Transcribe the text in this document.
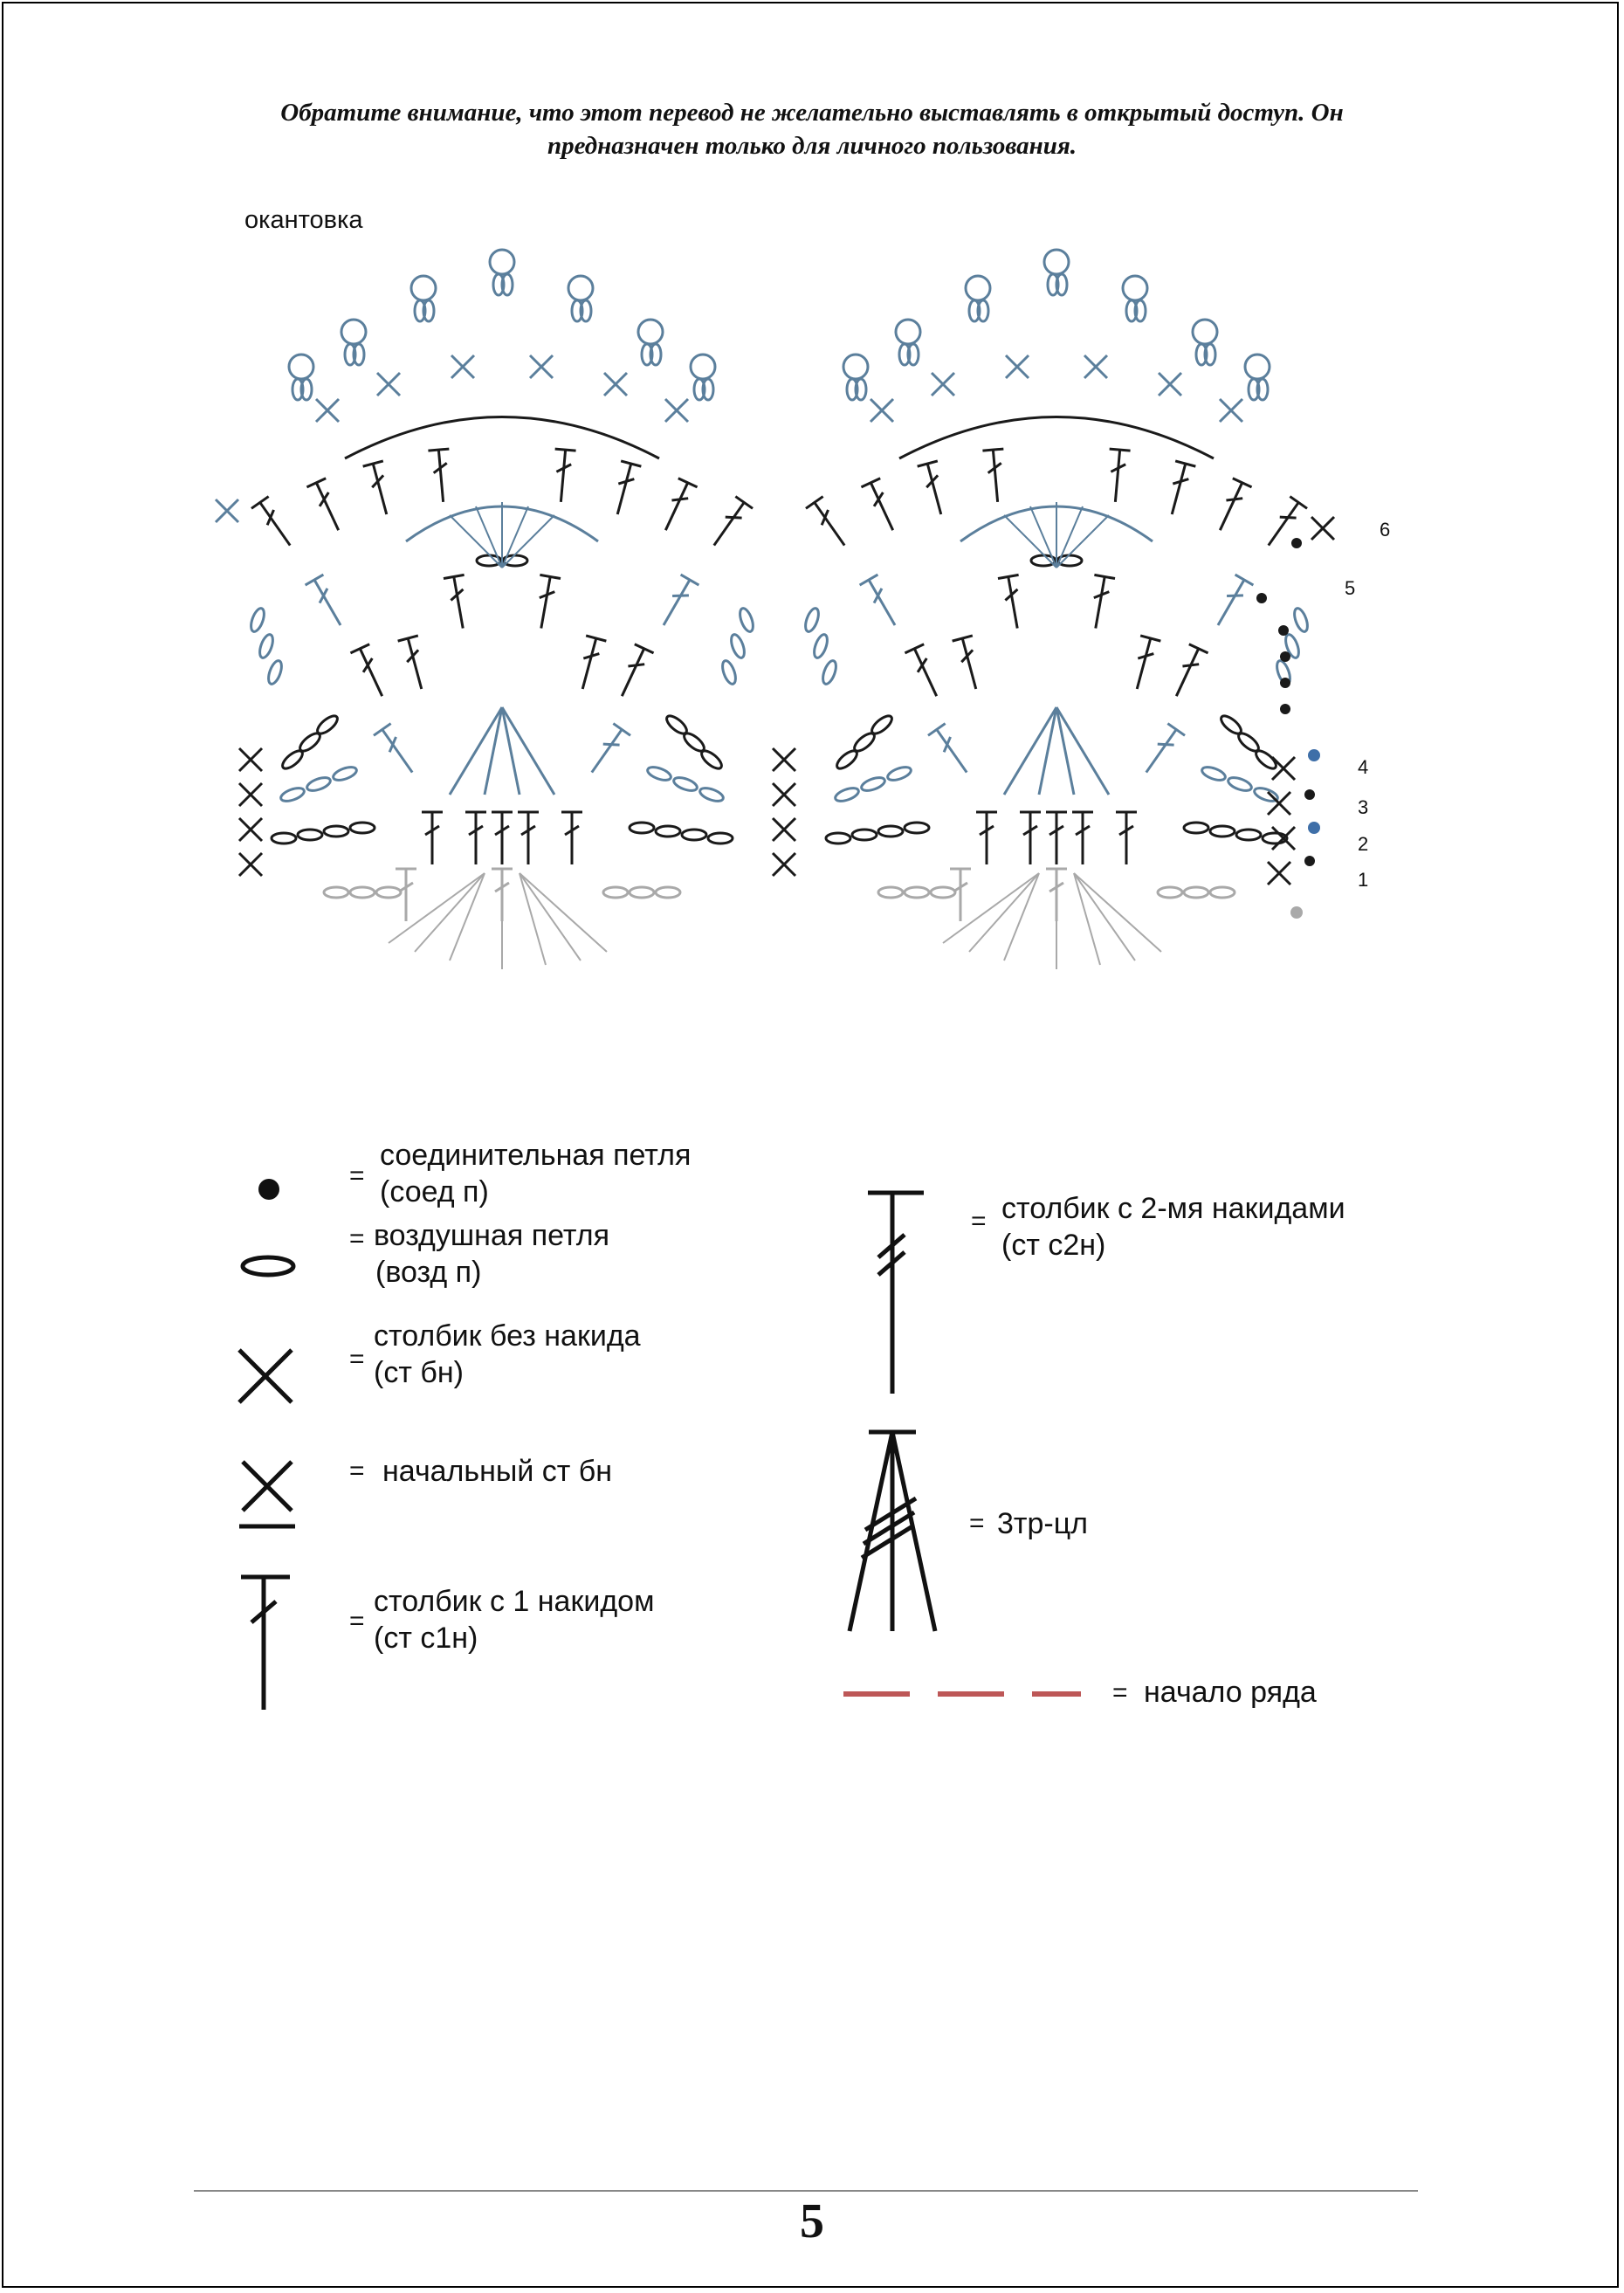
Обратите внимание, что этот перевод не желательно выставлять в открытый доступ. Он
предназначен только для личного пользования.
окантовка
6
5
4
3
2
1
=
соединительная петля
(соед п)
= воздушная петля
(возд п)
=
столбик без накида
(ст бн)
= начальный ст бн
=
столбик с 1 накидом
(ст с1н)
= столбик с 2-мя накидами
(ст с2н)
= 3тр-цл
= начало ряда
5
